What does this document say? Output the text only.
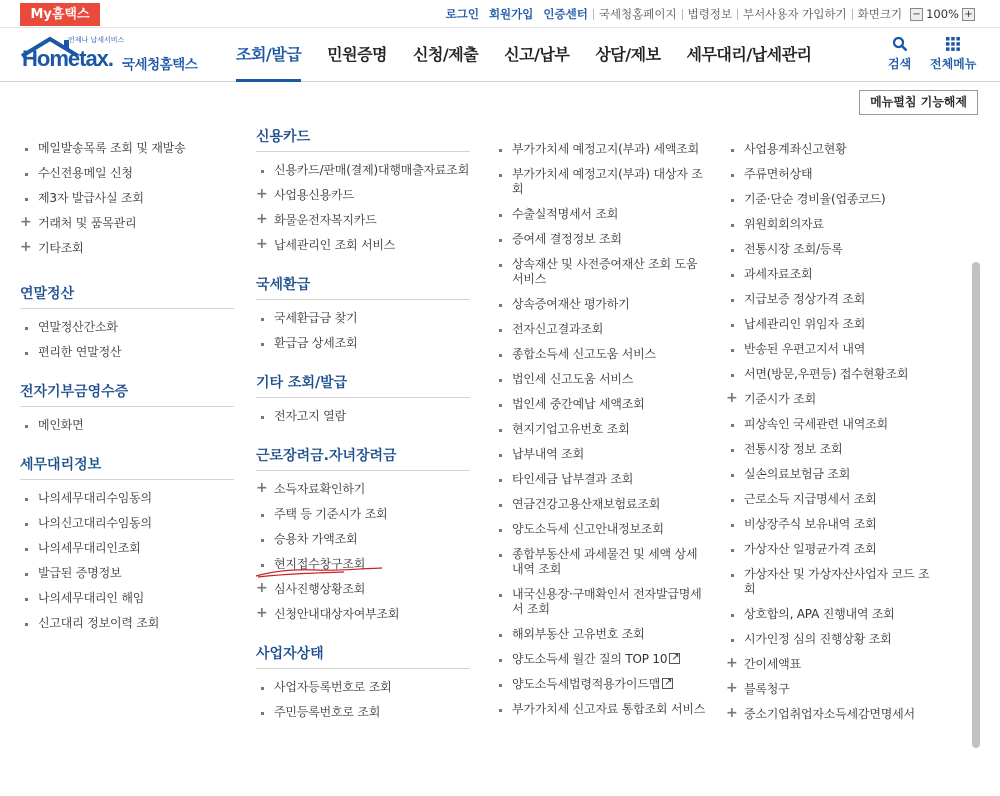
My홈택스	로그인 회원가입 인증센터 국세청홈페이지 법령정보 부서사용자 가입하기 화면크기	− 100% +
언제나 납세서비스
Hometax. 국세청홈택스
조회/발급 민원증명 신청/제출 신고/납부 상담/제보 세무대리/납세관리	검색 전체메뉴
메일발송목록 조회 및 재발송
수신전용메일 신청
제3자 발급사실 조회
+ 거래처 및 품목관리
+ 기타조회
연말정산
연말정산간소화
편리한 연말정산
전자기부금영수증
메인화면
세무대리정보
나의세무대리수임동의
나의신고대리수임동의
나의세무대리인조회
발급된 증명정보
나의세무대리인 해임
신고대리 정보이력 조회
신용카드
신용카드/판매(결제)대행매출자료조회
+ 사업용신용카드
+ 화물운전자복지카드
+ 납세관리인 조회 서비스
국세환급
국세환급금 찾기
환급금 상세조회
기타 조회/발급
전자고지 열람
근로장려금.자녀장려금
+ 소득자료확인하기
주택 등 기준시가 조회
승용차 가액조회
현지접수창구조회
+ 심사진행상황조회
+ 신청안내대상자여부조회
사업자상태
사업자등록번호로 조회
주민등록번호로 조회
부가가치세 예정고지(부과) 세액조회
부가가치세 예정고지(부과) 대상자 조회
수출실적명세서 조회
증여세 결정정보 조회
상속재산 및 사전증여재산 조회 도움 서비스
상속증여재산 평가하기
전자신고결과조회
종합소득세 신고도움 서비스
법인세 신고도움 서비스
법인세 중간예납 세액조회
현지기업고유번호 조회
납부내역 조회
타인세금 납부결과 조회
연금건강고용산재보험료조회
양도소득세 신고안내정보조회
종합부동산세 과세물건 및 세액 상세내역 조회
내국신용장·구매확인서 전자발급명세서 조회
해외부동산 고유번호 조회
양도소득세 월간 질의 TOP 10↗
양도소득세법령적용가이드맵↗
부가가치세 신고자료 통합조회 서비스
사업용계좌신고현황
주류면허상태
기준·단순 경비율(업종코드)
위원회회의자료
전통시장 조회/등록
과세자료조회
지급보증 정상가격 조회
납세관리인 위임자 조회
반송된 우편고지서 내역
서면(방문,우편등) 접수현황조회
+ 기준시가 조회
피상속인 국세관련 내역조회
전통시장 정보 조회
실손의료보험금 조회
근로소득 지급명세서 조회
비상장주식 보유내역 조회
가상자산 일평균가격 조회
가상자산 및 가상자산사업자 코드 조회
상호합의, APA 진행내역 조회
시가인정 심의 진행상황 조회
+ 간이세액표
+ 블록청구
+ 중소기업취업자소득세감면명세서
메뉴펼침 기능해제
